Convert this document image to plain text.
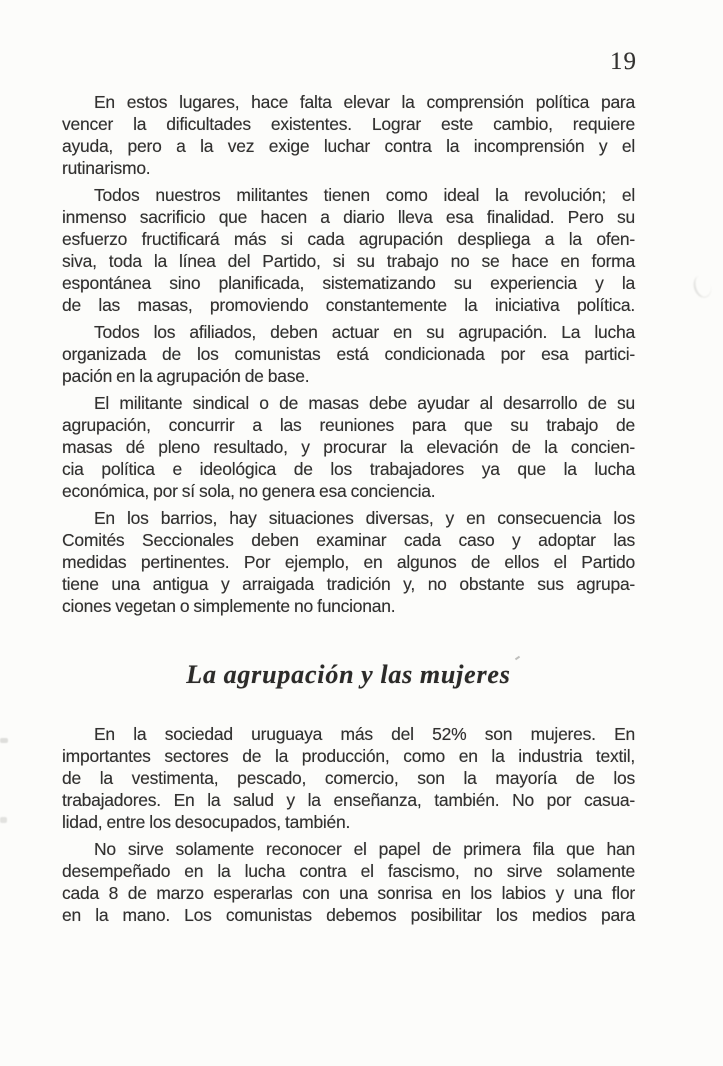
19
En estos lugares, hace falta elevar la comprensión política para
vencer la dificultades existentes. Lograr este cambio, requiere
ayuda, pero a la vez exige luchar contra la incomprensión y el
rutinarismo.
Todos nuestros militantes tienen como ideal la revolución; el
inmenso sacrificio que hacen a diario lleva esa finalidad. Pero su
esfuerzo fructificará más si cada agrupación despliega a la ofen-
siva, toda la línea del Partido, si su trabajo no se hace en forma
espontánea sino planificada, sistematizando su experiencia y la
de las masas, promoviendo constantemente la iniciativa política.
Todos los afiliados, deben actuar en su agrupación. La lucha
organizada de los comunistas está condicionada por esa partici-
pación en la agrupación de base.
El militante sindical o de masas debe ayudar al desarrollo de su
agrupación, concurrir a las reuniones para que su trabajo de
masas dé pleno resultado, y procurar la elevación de la concien-
cia política e ideológica de los trabajadores ya que la lucha
económica, por sí sola, no genera esa conciencia.
En los barrios, hay situaciones diversas, y en consecuencia los
Comités Seccionales deben examinar cada caso y adoptar las
medidas pertinentes. Por ejemplo, en algunos de ellos el Partido
tiene una antigua y arraigada tradición y, no obstante sus agrupa-
ciones vegetan o simplemente no funcionan.
La agrupación y las mujeres
En la sociedad uruguaya más del 52% son mujeres. En
importantes sectores de la producción, como en la industria textil,
de la vestimenta, pescado, comercio, son la mayoría de los
trabajadores. En la salud y la enseñanza, también. No por casua-
lidad, entre los desocupados, también.
No sirve solamente reconocer el papel de primera fila que han
desempeñado en la lucha contra el fascismo, no sirve solamente
cada 8 de marzo esperarlas con una sonrisa en los labios y una flor
en la mano. Los comunistas debemos posibilitar los medios para
